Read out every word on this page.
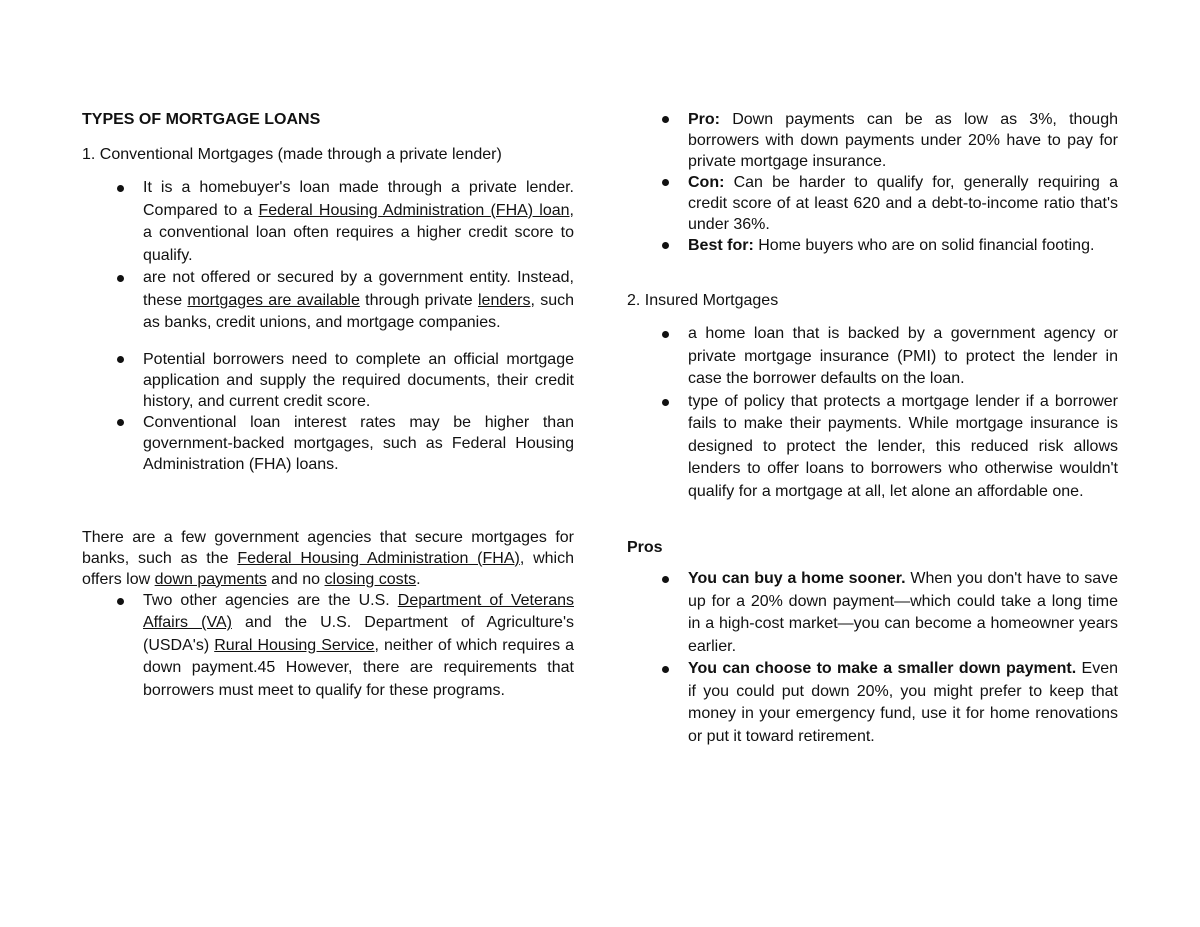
TYPES OF MORTGAGE LOANS
1. Conventional Mortgages (made through a private lender)
It is a homebuyer's loan made through a private lender. Compared to a Federal Housing Administration (FHA) loan, a conventional loan often requires a higher credit score to qualify.
are not offered or secured by a government entity. Instead, these mortgages are available through private lenders, such as banks, credit unions, and mortgage companies.
Potential borrowers need to complete an official mortgage application and supply the required documents, their credit history, and current credit score.
Conventional loan interest rates may be higher than government-backed mortgages, such as Federal Housing Administration (FHA) loans.

There are a few government agencies that secure mortgages for banks, such as the Federal Housing Administration (FHA), which offers low down payments and no closing costs.

Two other agencies are the U.S. Department of Veterans Affairs (VA) and the U.S. Department of Agriculture's (USDA's) Rural Housing Service, neither of which requires a down payment.45 However, there are requirements that borrowers must meet to qualify for these programs.
Pro: Down payments can be as low as 3%, though borrowers with down payments under 20% have to pay for private mortgage insurance.
Con: Can be harder to qualify for, generally requiring a credit score of at least 620 and a debt-to-income ratio that's under 36%.
Best for: Home buyers who are on solid financial footing.
2. Insured Mortgages
a home loan that is backed by a government agency or private mortgage insurance (PMI) to protect the lender in case the borrower defaults on the loan.
type of policy that protects a mortgage lender if a borrower fails to make their payments. While mortgage insurance is designed to protect the lender, this reduced risk allows lenders to offer loans to borrowers who otherwise wouldn't qualify for a mortgage at all, let alone an affordable one.
Pros
You can buy a home sooner. When you don't have to save up for a 20% down payment—which could take a long time in a high-cost market—you can become a homeowner years earlier.
You can choose to make a smaller down payment. Even if you could put down 20%, you might prefer to keep that money in your emergency fund, use it for home renovations or put it toward retirement.
